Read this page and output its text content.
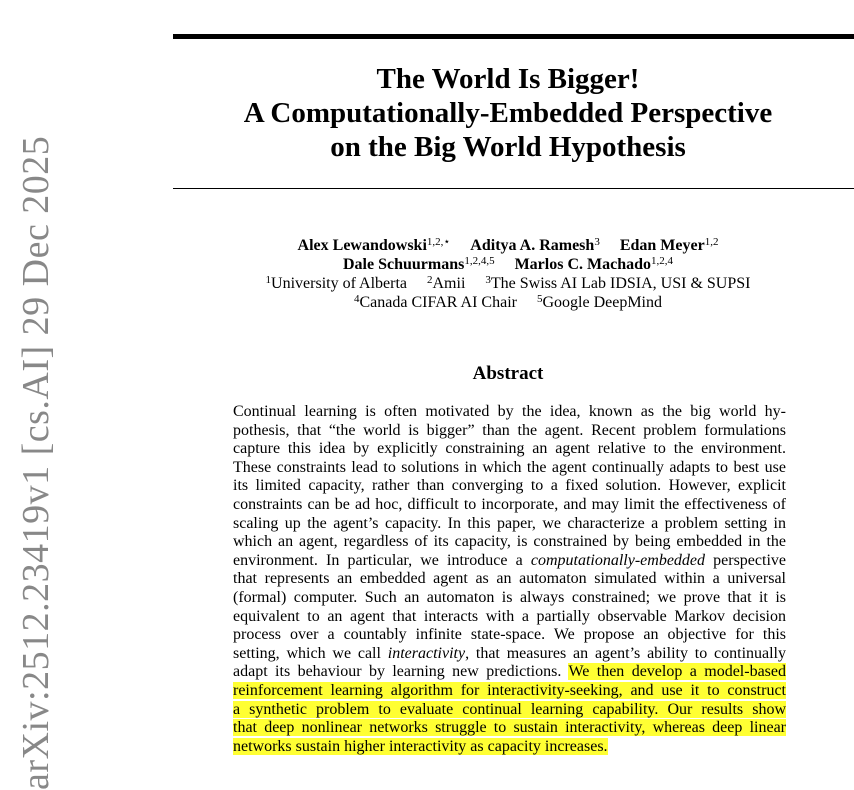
arXiv:2512.23419v1 [cs.AI] 29 Dec 2025
The World Is Bigger!
A Computationally-Embedded Perspective
on the Big World Hypothesis
Alex Lewandowski$^{1,2,⋆}$ Aditya A. Ramesh$^3$ Edan Meyer$^{1,2}$
Dale Schuurmans$^{1,2,4,5}$ Marlos C. Machado$^{1,2,4}$
$^1$University of Alberta $^2$Amii $^3$The Swiss AI Lab IDSIA, USI & SUPSI
$^4$Canada CIFAR AI Chair $^5$Google DeepMind
Abstract
Continual learning is often motivated by the idea, known as the big world hy-
pothesis, that “the world is bigger” than the agent. Recent problem formulations
capture this idea by explicitly constraining an agent relative to the environment.
These constraints lead to solutions in which the agent continually adapts to best use
its limited capacity, rather than converging to a fixed solution. However, explicit
constraints can be ad hoc, difficult to incorporate, and may limit the effectiveness of
scaling up the agent’s capacity. In this paper, we characterize a problem setting in
which an agent, regardless of its capacity, is constrained by being embedded in the
environment. In particular, we introduce a computationally-embedded perspective
that represents an embedded agent as an automaton simulated within a universal
(formal) computer. Such an automaton is always constrained; we prove that it is
equivalent to an agent that interacts with a partially observable Markov decision
process over a countably infinite state-space. We propose an objective for this
setting, which we call interactivity, that measures an agent’s ability to continually
adapt its behaviour by learning new predictions. We then develop a model-based
reinforcement learning algorithm for interactivity-seeking, and use it to construct
a synthetic problem to evaluate continual learning capability. Our results show
that deep nonlinear networks struggle to sustain interactivity, whereas deep linear
networks sustain higher interactivity as capacity increases.
